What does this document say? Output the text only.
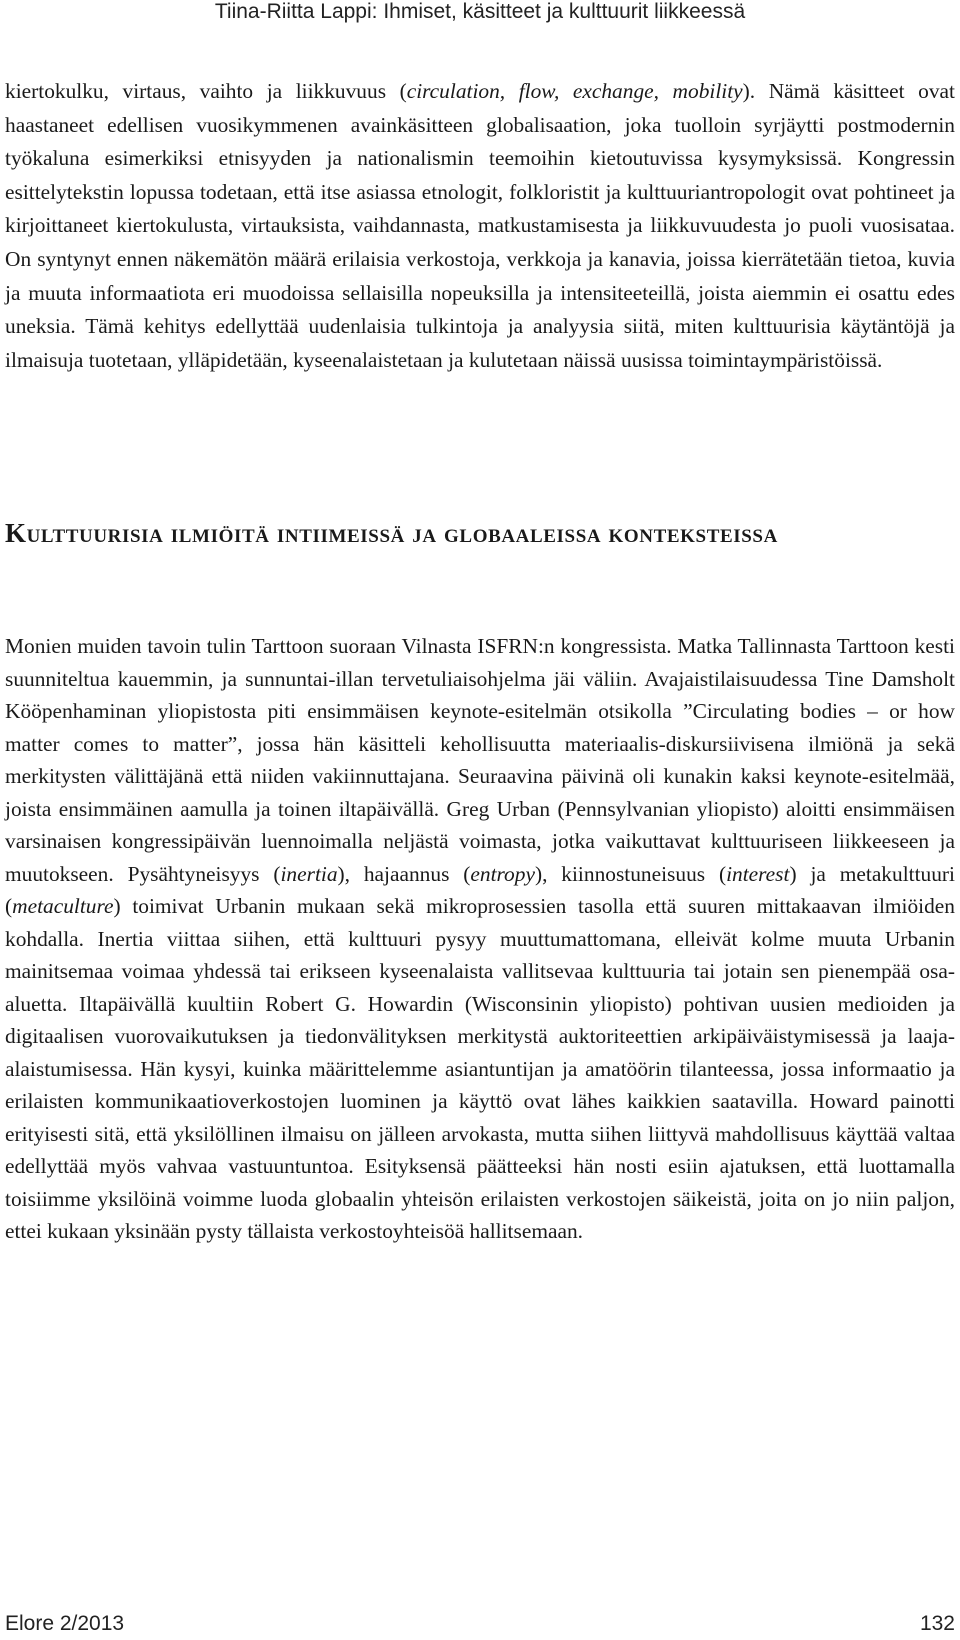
Tiina-Riitta Lappi: Ihmiset, käsitteet ja kulttuurit liikkeessä

kiertokulku, virtaus, vaihto ja liikkuvuus (circulation, flow, exchange, mobility). Nämä käsitteet ovat haastaneet edellisen vuosikymmenen avainkäsitteen globalisaation, joka tuolloin syrjäytti postmodernin työkaluna esimerkiksi etnisyyden ja nationalismin teemoihin kietoutuvissa kysymyksissä. Kongressin esittelytekstin lopussa todetaan, että itse asiassa etnologit, folkloristit ja kulttuuriantropologit ovat pohtineet ja kirjoittaneet kiertokulusta, virtauksista, vaihdannasta, matkustamisesta ja liikkuvuudesta jo puoli vuosisataa. On syntynyt ennen näkemätön määrä erilaisia verkostoja, verkkoja ja kanavia, joissa kierrätetään tietoa, kuvia ja muuta informaatiota eri muodoissa sellaisilla nopeuksilla ja intensiteeteillä, joista aiemmin ei osattu edes uneksia. Tämä kehitys edellyttää uudenlaisia tulkintoja ja analyysia siitä, miten kulttuurisia käytäntöjä ja ilmaisuja tuotetaan, ylläpidetään, kyseenalaistetaan ja kulutetaan näissä uusissa toimintaympäristöissä.

Kulttuurisia ilmiöitä intiimeissä ja globaaleissa konteksteissa

Monien muiden tavoin tulin Tarttoon suoraan Vilnasta ISFRN:n kongressista. Matka Tallinnasta Tarttoon kesti suunniteltua kauemmin, ja sunnuntai-illan tervetuliaisohjelma jäi väliin. Avajaistilaisuudessa Tine Damsholt Kööpenhaminan yliopistosta piti ensimmäisen keynote-esitelmän otsikolla ”Circulating bodies – or how matter comes to matter”, jossa hän käsitteli kehollisuutta materiaalis-diskursiivisena ilmiönä ja sekä merkitysten välittäjänä että niiden vakiinnuttajana. Seuraavina päivinä oli kunakin kaksi keynote-esitelmää, joista ensimmäinen aamulla ja toinen iltapäivällä. Greg Urban (Pennsylvanian yliopisto) aloitti ensimmäisen varsinaisen kongressipäivän luennoimalla neljästä voimasta, jotka vaikuttavat kulttuuriseen liikkeeseen ja muutokseen. Pysähtyneisyys (inertia), hajaannus (entropy), kiinnostuneisuus (interest) ja metakulttuuri (metaculture) toimivat Urbanin mukaan sekä mikroprosessien tasolla että suuren mittakaavan ilmiöiden kohdalla. Inertia viittaa siihen, että kulttuuri pysyy muuttumattomana, elleivät kolme muuta Urbanin mainitsemaa voimaa yhdessä tai erikseen kyseenalaista vallitsevaa kulttuuria tai jotain sen pienempää osa-aluetta. Iltapäivällä kuultiin Robert G. Howardin (Wisconsinin yliopisto) pohtivan uusien medioiden ja digitaalisen vuorovaikutuksen ja tiedonvälityksen merkitystä auktoriteettien arkipäiväistymisessä ja laaja-alaistumisessa. Hän kysyi, kuinka määrittelemme asiantuntijan ja amatöörin tilanteessa, jossa informaatio ja erilaisten kommunikaatioverkostojen luominen ja käyttö ovat lähes kaikkien saatavilla. Howard painotti erityisesti sitä, että yksilöllinen ilmaisu on jälleen arvokasta, mutta siihen liittyvä mahdollisuus käyttää valtaa edellyttää myös vahvaa vastuuntuntoa. Esityksensä päätteeksi hän nosti esiin ajatuksen, että luottamalla toisiimme yksilöinä voimme luoda globaalin yhteisön erilaisten verkostojen säikeistä, joita on jo niin paljon, ettei kukaan yksinään pysty tällaista verkostoyhteisöä hallitsemaan.

Elore 2/2013	132
